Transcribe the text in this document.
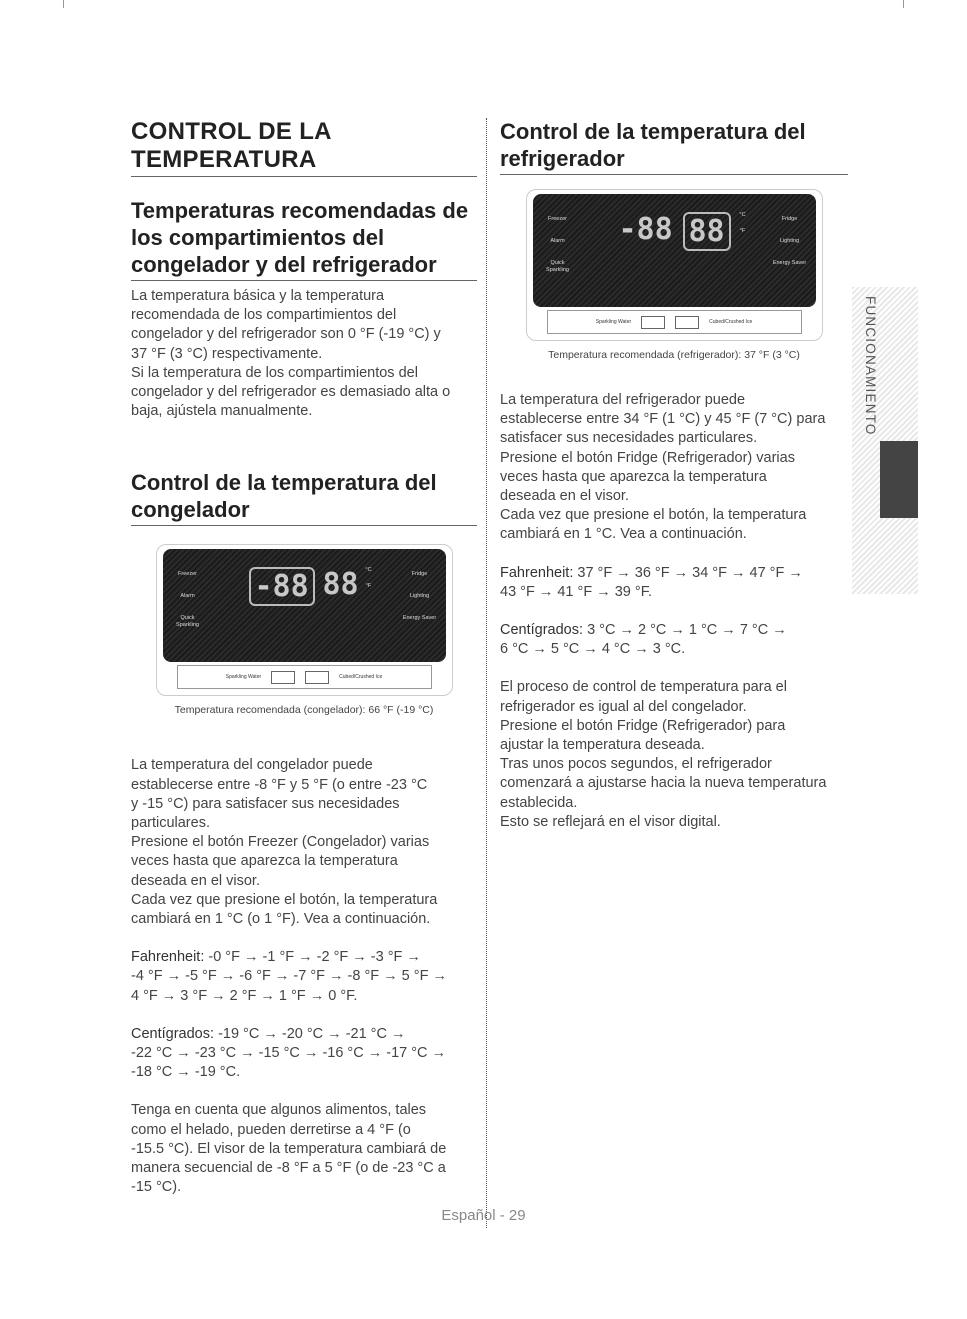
CONTROL DE LA TEMPERATURA
Temperaturas recomendadas de los compartimientos del congelador y del refrigerador

La temperatura básica y la temperatura
recomendada de los compartimientos del
congelador y del refrigerador son 0 °F (-19 °C) y
37 °F (3 °C) respectivamente.
Si la temperatura de los compartimientos del
congelador y del refrigerador es demasiado alta o
baja, ajústela manualmente.

Control de la temperatura del congelador
Freezer
Alarm
Quick Sparkling
-88 88	°C
°F
Fridge
Lighting
Energy Saver
Sparkling Water	Cubed/Crushed Ice
Temperatura recomendada (congelador): 66 °F (-19 °C)

La temperatura del congelador puede
establecerse entre -8 °F y 5 °F (o entre -23 °C
y -15 °C) para satisfacer sus necesidades
particulares.
Presione el botón Freezer (Congelador) varias
veces hasta que aparezca la temperatura
deseada en el visor.
Cada vez que presione el botón, la temperatura
cambiará en 1 °C (o 1 °F). Vea a continuación.

Fahrenheit: -0 °F → -1 °F → -2 °F → -3 °F →
-4 °F → -5 °F → -6 °F → -7 °F → -8 °F → 5 °F →
4 °F → 3 °F → 2 °F → 1 °F → 0 °F.

Centígrados: -19 °C → -20 °C → -21 °C →
-22 °C → -23 °C → -15 °C → -16 °C → -17 °C →
-18 °C → -19 °C.

Tenga en cuenta que algunos alimentos, tales
como el helado, pueden derretirse a 4 °F (o
-15.5 °C). El visor de la temperatura cambiará de
manera secuencial de -8 °F a 5 °F (o de -23 °C a
-15 °C).

Control de la temperatura del refrigerador
Freezer
Alarm
Quick Sparkling
-88 88	°C
°F
Fridge
Lighting
Energy Saver
Sparkling Water	Cubed/Crushed Ice
Temperatura recomendada (refrigerador): 37 °F (3 °C)

La temperatura del refrigerador puede
establecerse entre 34 °F (1 °C) y 45 °F (7 °C) para
satisfacer sus necesidades particulares.
Presione el botón Fridge (Refrigerador) varias
veces hasta que aparezca la temperatura
deseada en el visor.
Cada vez que presione el botón, la temperatura
cambiará en 1 °C. Vea a continuación.

Fahrenheit: 37 °F → 36 °F → 34 °F → 47 °F →
43 °F → 41 °F → 39 °F.

Centígrados: 3 °C → 2 °C → 1 °C → 7 °C →
6 °C → 5 °C → 4 °C → 3 °C.

El proceso de control de temperatura para el
refrigerador es igual al del congelador.
Presione el botón Fridge (Refrigerador) para
ajustar la temperatura deseada.
Tras unos pocos segundos, el refrigerador
comenzará a ajustarse hacia la nueva temperatura
establecida.
Esto se reflejará en el visor digital.

FUNCIONAMIENTO
Español - 29
